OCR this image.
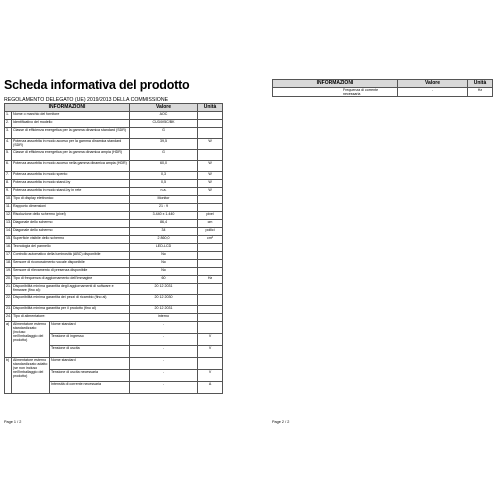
Scheda informativa del prodotto
REGOLAMENTO DELEGATO (UE) 2019/2013 DELLA COMMISSIONE
INFORMAZIONI			Valore	Unità
1.	Nome o marchio del fornitore		AOC	
2.	Identificativo del modello		CU34V5C/BK	
3.	Classe di efficienza energetica per la gamma dinamica standard (SDR)		G	
4.	Potenza assorbita in modo acceso per la gamma dinamica standard (SDR)		39,5	W
5.	Classe di efficienza energetica per la gamma dinamica ampia (HDR)		G	
6.	Potenza assorbita in modo acceso nella gamma dinamica ampia (HDR)		60,0	W
7.	Potenza assorbita in modo spento		0,3	W
8.	Potenza assorbita in modo stand-by		0,5	W
9.	Potenza assorbita in modo stand-by in rete		n.a.	W
10.	Tipo di display elettronico		Monitor	
11.	Rapporto dimensioni		21 : 9	
12.	Risoluzione dello schermo (pixel)		3.440 x 1.440	pixel
13.	Diagonale dello schermo		86,4	cm
14.	Diagonale dello schermo		34	pollici
15.	Superficie visibile dello schermo		2 860,0	cm²
16.	Tecnologia del pannello		LED-LCD	
17.	Controllo automatico della luminosità (ABC) disponibile		No	
18.	Sensore di riconoscimento vocale disponibile		No	
19.	Sensore di rilevamento di presenza disponibile		No	
20.	Tipo di frequenza di aggiornamento dell'immagine		60	Hz
21.	Disponibilità minima garantita degli aggiornamenti di software e firmware (fino al):		20 12 2031	
22.	Disponibilità minima garantita dei pezzi di ricambio (fino al)		20 12 2030	
23.	Disponibilità minima garantita per il prodotto (fino al)		20 12 2031	
24.	Tipo di alimentatore:		interno	
a)	Alimentatore esterno standardizzato (incluso nell'imballaggio del prodotto)	Nome standard	-	
		Tensione di ingresso	-	V
		Tensione di uscita	-	V
b)	Alimentatore esterno standardizzato adatto (se non incluso nell'imballaggio del prodotto)	Nome standard	-	
		Tensione di uscita necessaria	-	V
		Intensità di corrente necessaria	-	A
Page 1 / 2
INFORMAZIONI	Valore	Unità
Frequenza di corrente necessaria	-	Hz
Page 2 / 2
